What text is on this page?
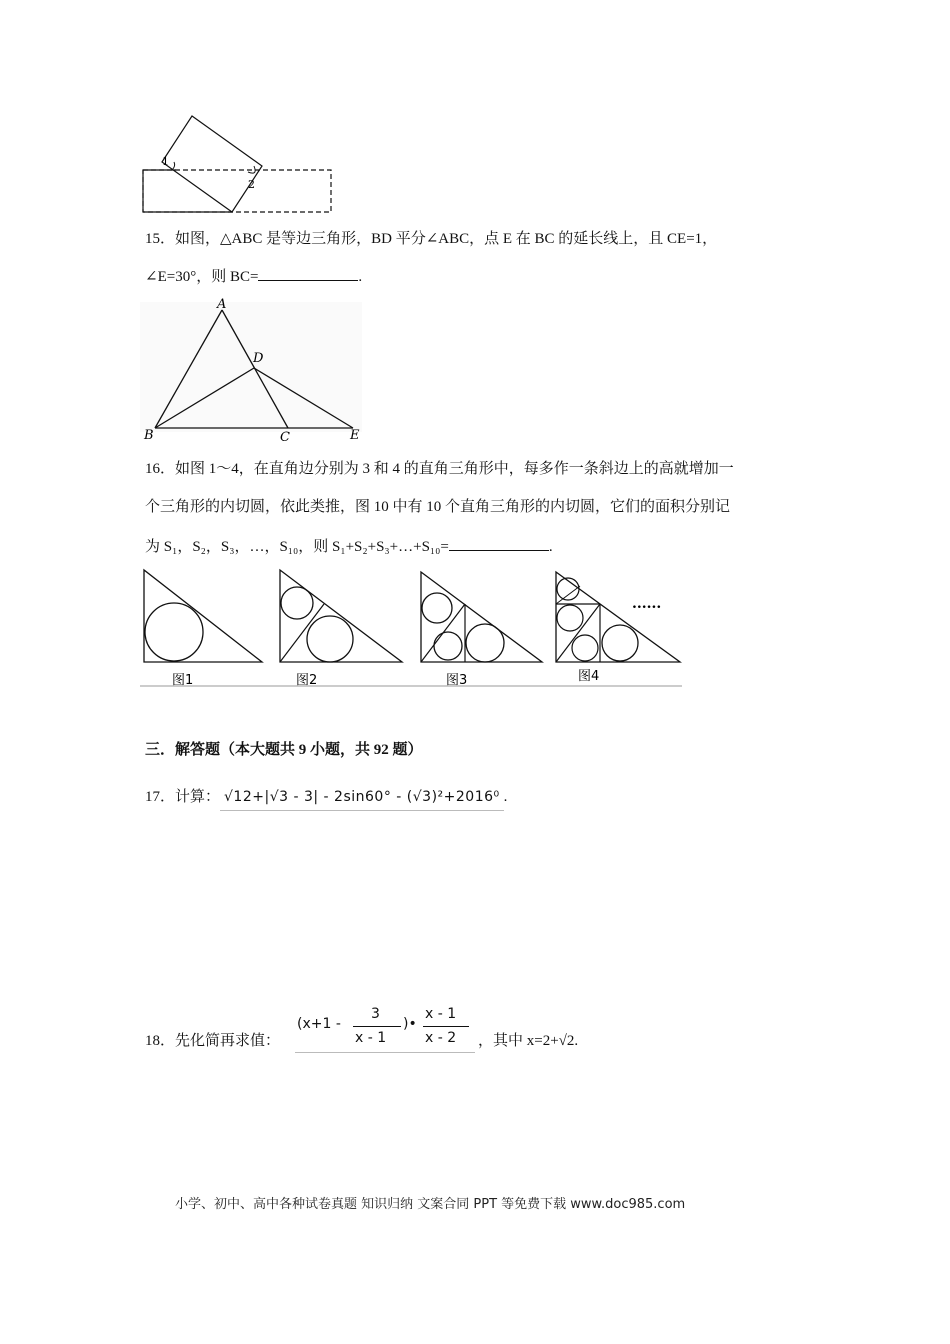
1
2
15．如图，△ABC 是等边三角形，BD 平分∠ABC，点 E 在 BC 的延长线上，且 CE=1，
∠E=30°，则 BC=	.
A
D
B	C	E
16．如图 1～4，在直角边分别为 3 和 4 的直角三角形中，每多作一条斜边上的高就增加一
个三角形的内切圆，依此类推，图 10 中有 10 个直角三角形的内切圆，它们的面积分别记
为 S₁，S₂，S₃，…，S₁₀，则 S₁+S₂+S₃+…+S₁₀=	.
......
图1	图2	图3	图4
三．解答题（本大题共 9 小题，共 92 题）
17．计算： √12+|√3 - 3| - 2sin60° - (√3)²+2016⁰ .
18．先化简再求值：
(x+1 -
3
x - 1
)•
x - 1
x - 2 ，其中 x=2+√2.
小学、初中、高中各种试卷真题 知识归纳 文案合同 PPT 等免费下载 www.doc985.com
